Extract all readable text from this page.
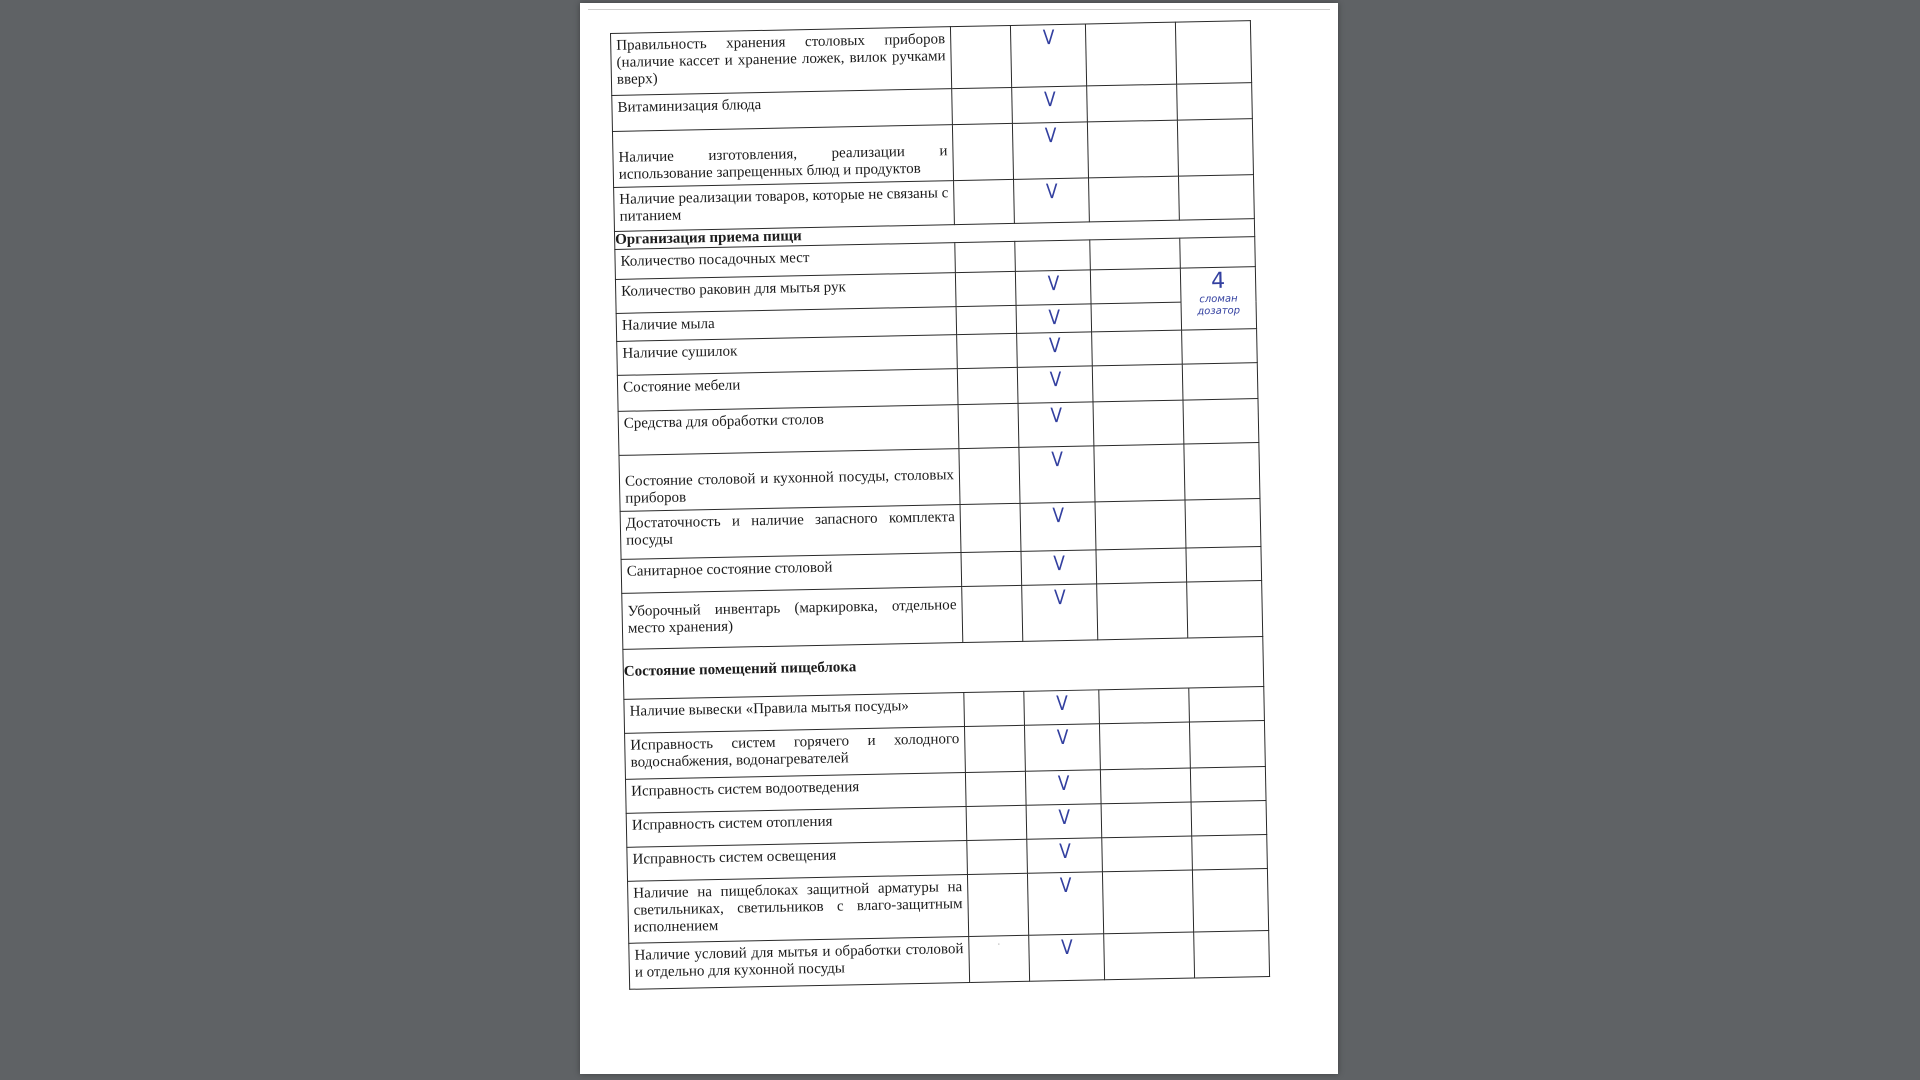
Правильность хранения столовых приборов (наличие кассет и хранение ложек, вилок ручками вверх)		V		
Витаминизация блюда		V		
Наличие изготовления, реализации и использование запрещенных блюд и продуктов		V		
Наличие реализации товаров, которые не связаны с питанием		V		
Организация приема пищи				
Количество посадочных мест				
Количество раковин для мытья рук		V		4
сломан дозатор

Наличие мыла		V		
Наличие сушилок		V		
Состояние мебели		V		
Средства для обработки столов		V		
Состояние столовой и кухонной посуды, столовых приборов		V		
Достаточность и наличие запасного комплекта посуды		V		
Санитарное состояние столовой		V		
Уборочный инвентарь (маркировка, отдельное место хранения)		V		
Состояние помещений пищеблока				
Наличие вывески «Правила мытья посуды»		V		
Исправность систем горячего и холодного водоснабжения, водонагревателей		V		
Исправность систем водоотведения		V		
Исправность систем отопления		V		
Исправность систем освещения		V		
Наличие на пищеблоках защитной арматуры на светильниках, светильников с влаго-защитным исполнением		V		
Наличие условий для мытья и обработки столовой и отдельно для кухонной посуды	·	V		
